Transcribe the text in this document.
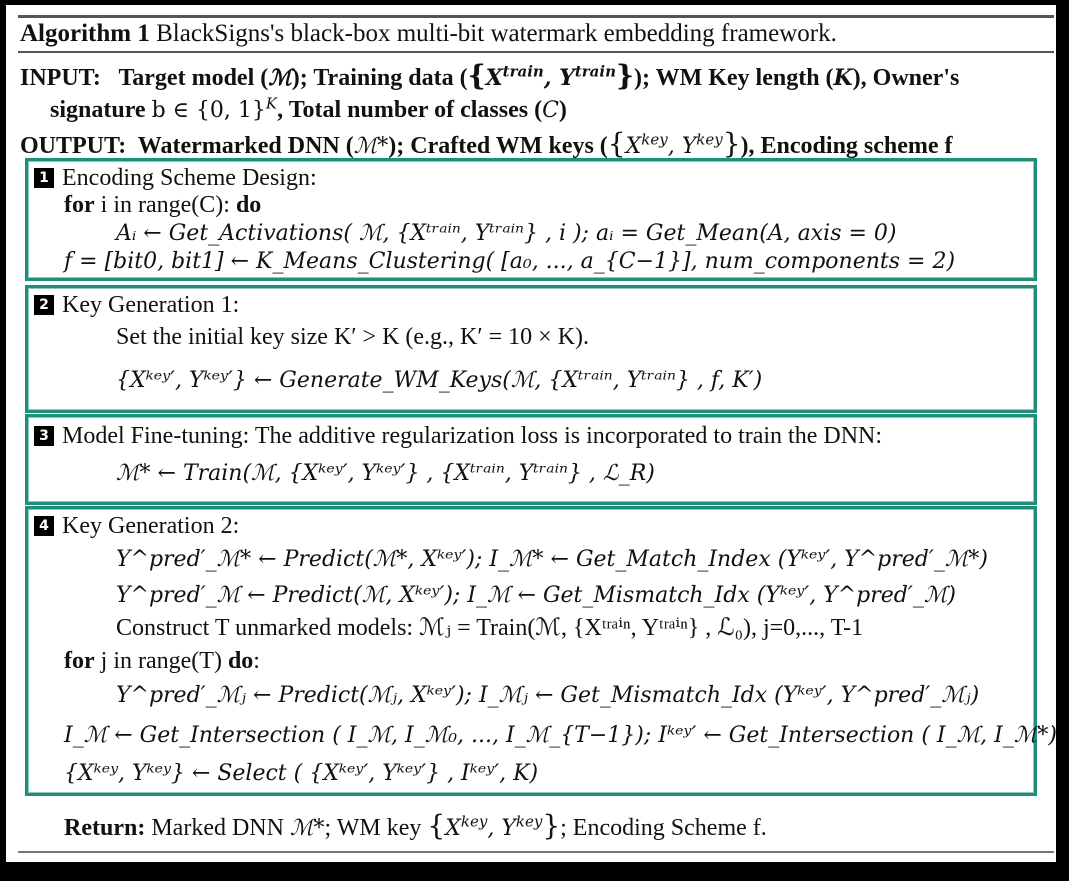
Algorithm 1 BlackSigns's black-box multi-bit watermark embedding framework.
INPUT: Target model (ℳ); Training data ({$X^{train}$, $Y^{train}$}); WM Key length (K), Owner's
signature b ∈ {0, 1}$^K$, Total number of classes (C)
OUTPUT: Watermarked DNN (ℳ*); Crafted WM keys ({$X^{key}$, $Y^{key}$}), Encoding scheme f
1 Encoding Scheme Design:
for i in range(C): do
Aᵢ ← Get_Activations( ℳ, {Xᵗʳᵃⁱⁿ, Yᵗʳᵃⁱⁿ} , i ); aᵢ = Get_Mean(A, axis = 0)
f = [bit0, bit1] ← K_Means_Clustering( [a₀, ..., a_{C−1}], num_components = 2)
2 Key Generation 1:
Set the initial key size K′ > K (e.g., K′ = 10 × K).
{Xᵏᵉʸ′, Yᵏᵉʸ′} ← Generate_WM_Keys(ℳ, {Xᵗʳᵃⁱⁿ, Yᵗʳᵃⁱⁿ} , f, K′)
3 Model Fine-tuning: The additive regularization loss is incorporated to train the DNN:
ℳ* ← Train(ℳ, {Xᵏᵉʸ′, Yᵏᵉʸ′} , {Xᵗʳᵃⁱⁿ, Yᵗʳᵃⁱⁿ} , ℒ_R)
4 Key Generation 2:
Y^pred′_ℳ* ← Predict(ℳ*, Xᵏᵉʸ′); I_ℳ* ← Get_Match_Index (Yᵏᵉʸ′, Y^pred′_ℳ*)
Y^pred′_ℳ ← Predict(ℳ, Xᵏᵉʸ′); I_ℳ ← Get_Mismatch_Idx (Yᵏᵉʸ′, Y^pred′_ℳ)
Construct T unmarked models: ℳⱼ = Train(ℳ, {Xᵗʳᵃⁱⁿ, Yᵗʳᵃⁱⁿ} , ℒ₀), j=0,..., T-1
for j in range(T) do:
Y^pred′_ℳⱼ ← Predict(ℳⱼ, Xᵏᵉʸ′); I_ℳⱼ ← Get_Mismatch_Idx (Yᵏᵉʸ′, Y^pred′_ℳⱼ)
I_ℳ ← Get_Intersection ( I_ℳ, I_ℳ₀, ..., I_ℳ_{T−1}); Iᵏᵉʸ′ ← Get_Intersection ( I_ℳ, I_ℳ*)
{Xᵏᵉʸ, Yᵏᵉʸ} ← Select ( {Xᵏᵉʸ′, Yᵏᵉʸ′} , Iᵏᵉʸ′, K)
Return: Marked DNN ℳ*; WM key {$X^{key}$, $Y^{key}$}; Encoding Scheme f.
